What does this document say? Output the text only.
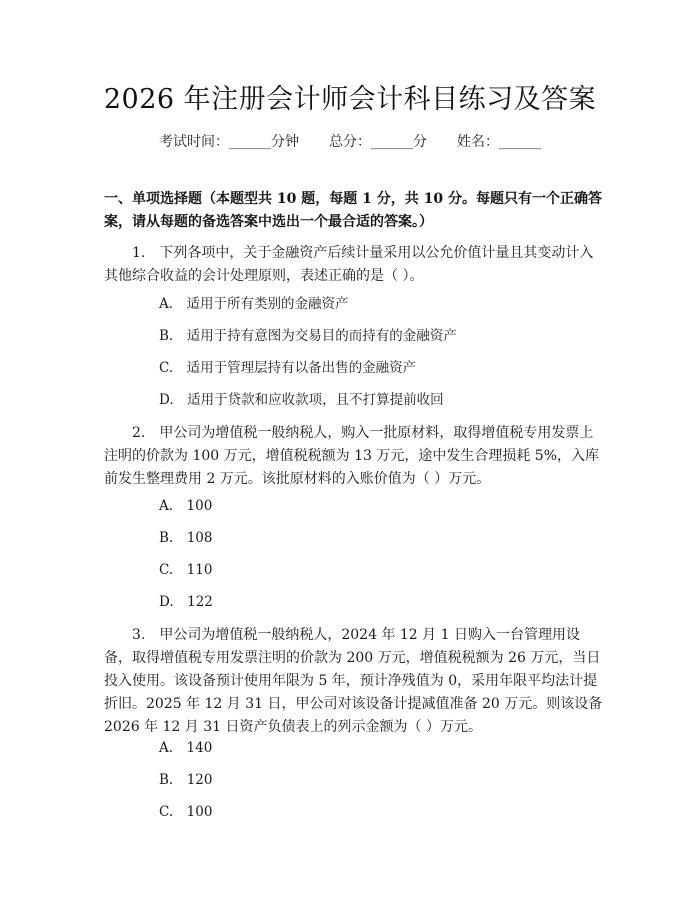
2026 年注册会计师会计科目练习及答案
考试时间：______分钟 总分：______分 姓名：______
一、单项选择题（本题型共 10 题，每题 1 分，共 10 分。每题只有一个正确答案，请从每题的备选答案中选出一个最合适的答案。）
1.　下列各项中，关于金融资产后续计量采用以公允价值计量且其变动计入其他综合收益的会计处理原则，表述正确的是（ ）。
A.　适用于所有类别的金融资产
B.　适用于持有意图为交易目的而持有的金融资产
C.　适用于管理层持有以备出售的金融资产
D.　适用于贷款和应收款项，且不打算提前收回
2.　甲公司为增值税一般纳税人，购入一批原材料，取得增值税专用发票上注明的价款为 100 万元，增值税税额为 13 万元，途中发生合理损耗 5%，入库前发生整理费用 2 万元。该批原材料的入账价值为（ ）万元。
A.　100
B.　108
C.　110
D.　122
3.　甲公司为增值税一般纳税人，2024 年 12 月 1 日购入一台管理用设备，取得增值税专用发票注明的价款为 200 万元，增值税税额为 26 万元，当日投入使用。该设备预计使用年限为 5 年，预计净残值为 0，采用年限平均法计提折旧。2025 年 12 月 31 日，甲公司对该设备计提减值准备 20 万元。则该设备 2026 年 12 月 31 日资产负债表上的列示金额为（ ）万元。
A.　140
B.　120
C.　100
